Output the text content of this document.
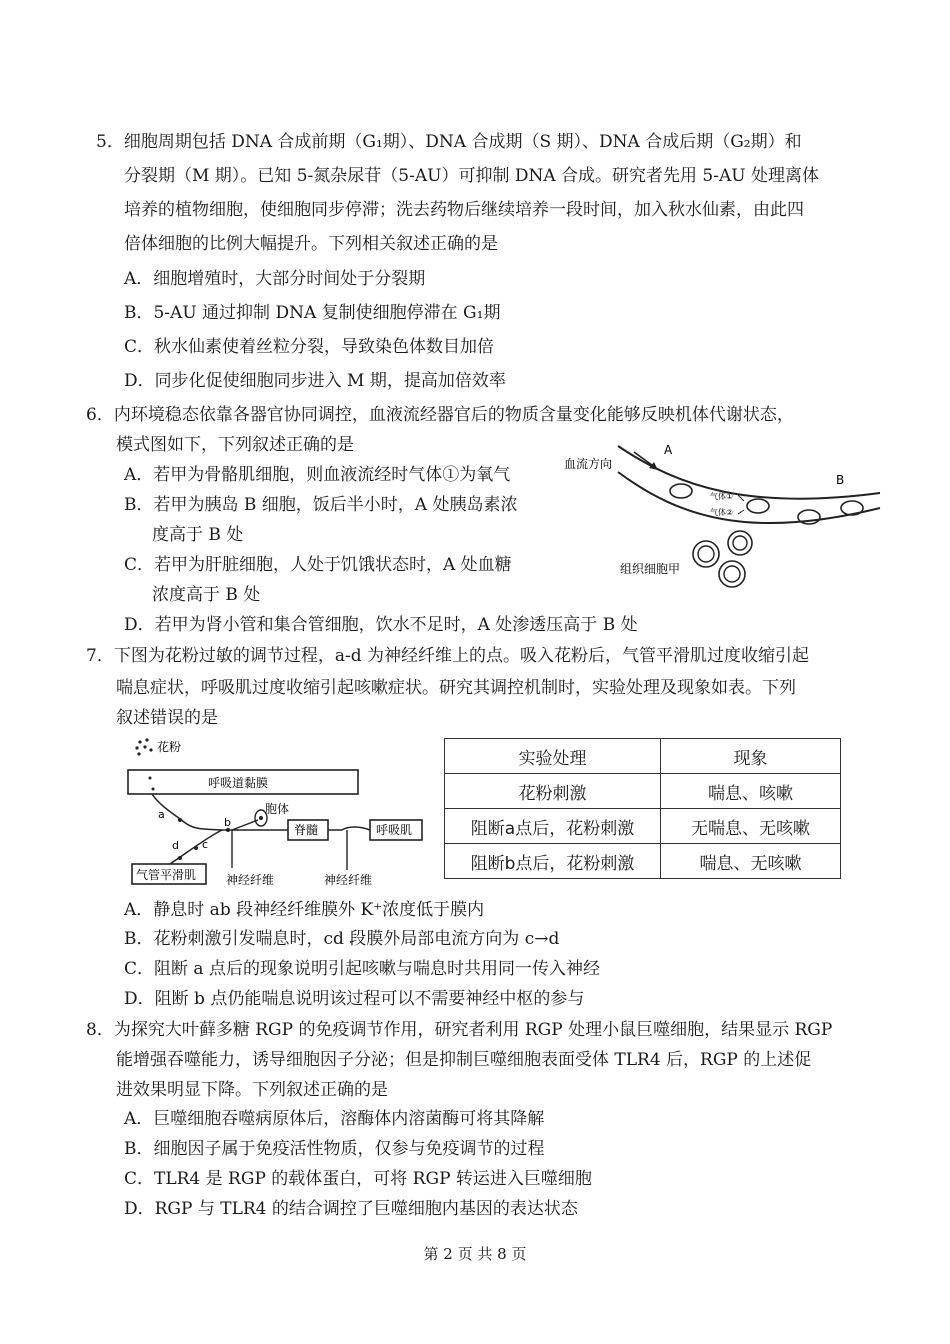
5．细胞周期包括 DNA 合成前期（G₁期）、DNA 合成期（S 期）、DNA 合成后期（G₂期）和
分裂期（M 期）。已知 5-氮杂尿苷（5-AU）可抑制 DNA 合成。研究者先用 5-AU 处理离体
培养的植物细胞，使细胞同步停滞；洗去药物后继续培养一段时间，加入秋水仙素，由此四
倍体细胞的比例大幅提升。下列相关叙述正确的是
A．细胞增殖时，大部分时间处于分裂期
B．5-AU 通过抑制 DNA 复制使细胞停滞在 G₁期
C．秋水仙素使着丝粒分裂，导致染色体数目加倍
D．同步化促使细胞同步进入 M 期，提高加倍效率
6．内环境稳态依靠各器官协同调控，血液流经器官后的物质含量变化能够反映机体代谢状态，
模式图如下，下列叙述正确的是
A．若甲为骨骼肌细胞，则血液流经时气体①为氧气
B．若甲为胰岛 B 细胞，饭后半小时，A 处胰岛素浓
度高于 B 处
C．若甲为肝脏细胞，人处于饥饿状态时，A 处血糖
浓度高于 B 处
D．若甲为肾小管和集合管细胞，饮水不足时，A 处渗透压高于 B 处
血流方向
A
B
气体①
气体②
组织细胞甲
7．下图为花粉过敏的调节过程，a-d 为神经纤维上的点。吸入花粉后，气管平滑肌过度收缩引起
喘息症状，呼吸肌过度收缩引起咳嗽症状。研究其调控机制时，实验处理及现象如表。下列
叙述错误的是
花粉
呼吸道黏膜
胞体
脊髓	呼吸肌
神经纤维
神经纤维
气管平滑肌
a
b
c
d
实验处理	现象
花粉刺激	喘息、咳嗽
阻断a点后，花粉刺激	无喘息、无咳嗽
阻断b点后，花粉刺激	喘息、无咳嗽
A．静息时 ab 段神经纤维膜外 K⁺浓度低于膜内
B．花粉刺激引发喘息时，cd 段膜外局部电流方向为 c→d
C．阻断 a 点后的现象说明引起咳嗽与喘息时共用同一传入神经
D．阻断 b 点仍能喘息说明该过程可以不需要神经中枢的参与
8．为探究大叶藓多糖 RGP 的免疫调节作用，研究者利用 RGP 处理小鼠巨噬细胞，结果显示 RGP
能增强吞噬能力，诱导细胞因子分泌；但是抑制巨噬细胞表面受体 TLR4 后，RGP 的上述促
进效果明显下降。下列叙述正确的是
A．巨噬细胞吞噬病原体后，溶酶体内溶菌酶可将其降解
B．细胞因子属于免疫活性物质，仅参与免疫调节的过程
C．TLR4 是 RGP 的载体蛋白，可将 RGP 转运进入巨噬细胞
D．RGP 与 TLR4 的结合调控了巨噬细胞内基因的表达状态
第 2 页 共 8 页
